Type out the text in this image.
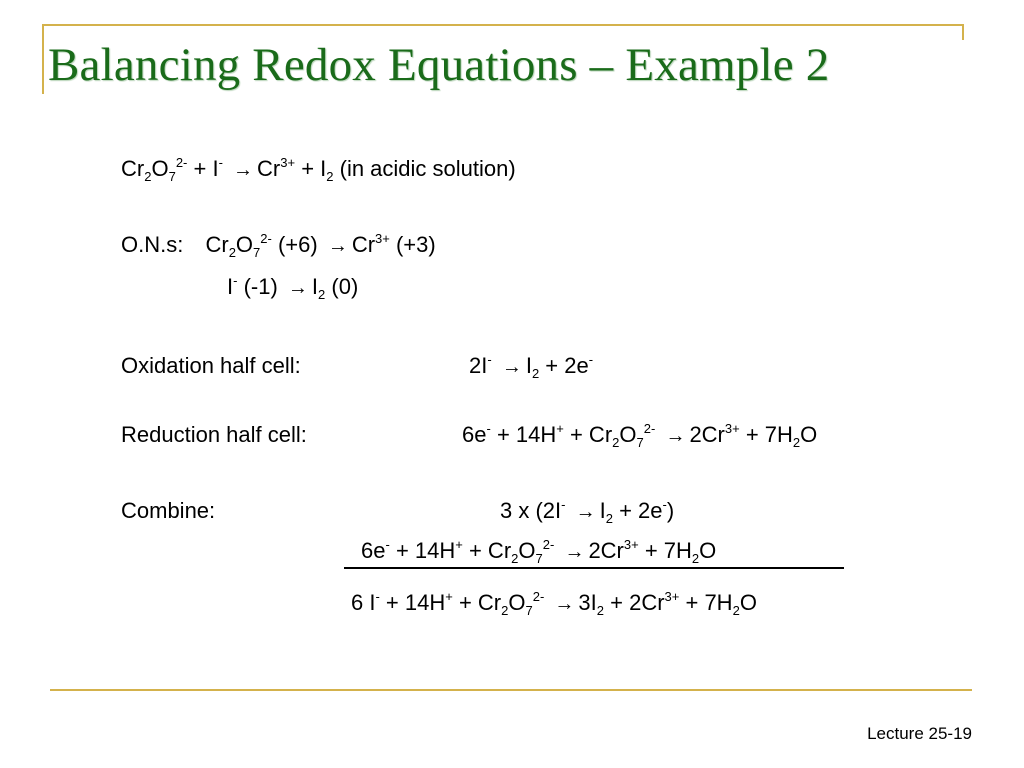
Balancing Redox Equations – Example 2
$Cr_2O_7^{2-} + I^- \to Cr^{3+} + I_2$ (in acidic solution)
O.N.s: $Cr_2O_7^{2-}$ $(+6) \to Cr^{3+}$ (+3)
I- $(-1) \to I_2$ (0)
Oxidation half cell:	$2I^- \to I_2 + 2e^-$
Reduction half cell:	$6e^- + 14H^+ + Cr_2O_7^{2-} \to 2Cr^{3+} + 7H_2O$
Combine:	3 x $(2I^- \to I_2 + 2e^-)$
$6e^- + 14H^+ + Cr_2O_7^{2-} \to 2Cr^{3+} + 7H_2O$
6 $I^- + 14H^+ + Cr_2O_7^{2-} \to 3I_2 + 2Cr^{3+} + 7H_2O$
Lecture 25-19
